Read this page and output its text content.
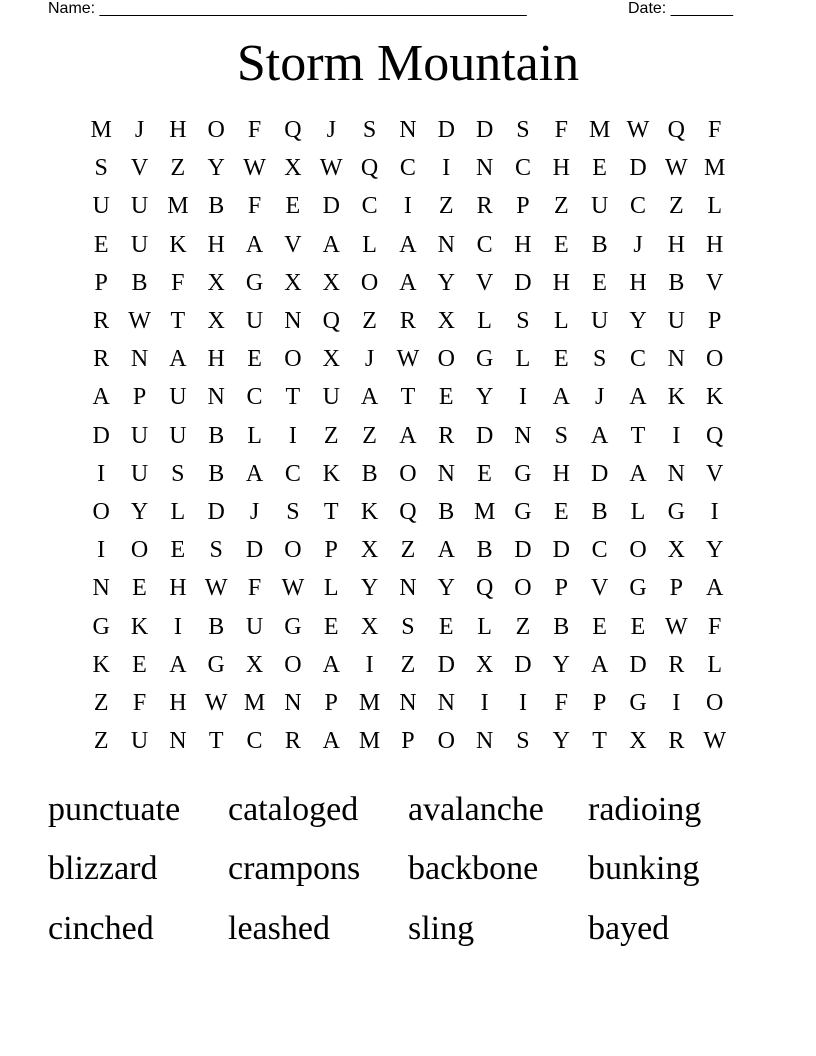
Name: ________________________________________________	Date: _______
Storm Mountain
M J	H O F Q	J	S N D D S	F M W Q F
S V Z Y W X W Q C	I	N C H E D W M
U U M B F	E D C	I	Z R P	Z U C Z L
E U K H A V A L A N C H E B	J	H H
P B F X G X X O A Y V D H E H B V
R W T X U N Q Z R X L	S	L U Y U P
R N A H E O X	J W O G L E	S C N O
A P U N C T U A T E Y	I	A	J	A K K
D U U B L	I	Z Z A R D N S A T	I	Q
I	U S B A C K B O N E G H D A N V
O Y L D	J	S	T K Q B M G E B L G	I
I	O E	S D O P X Z A B D D C O X Y
N E H W F W L Y N Y Q O P V G P A
G K	I	B U G E X S	E L Z B E E W F
K E A G X O A	I	Z D X D Y A D R L
Z	F H W M N P M N N	I	I	F	P G	I	O
Z U N T C R A M P O N S Y T X R W
punctuate	cataloged	avalanche	radioing
blizzard	crampons	backbone	bunking
cinched	leashed	sling	bayed
